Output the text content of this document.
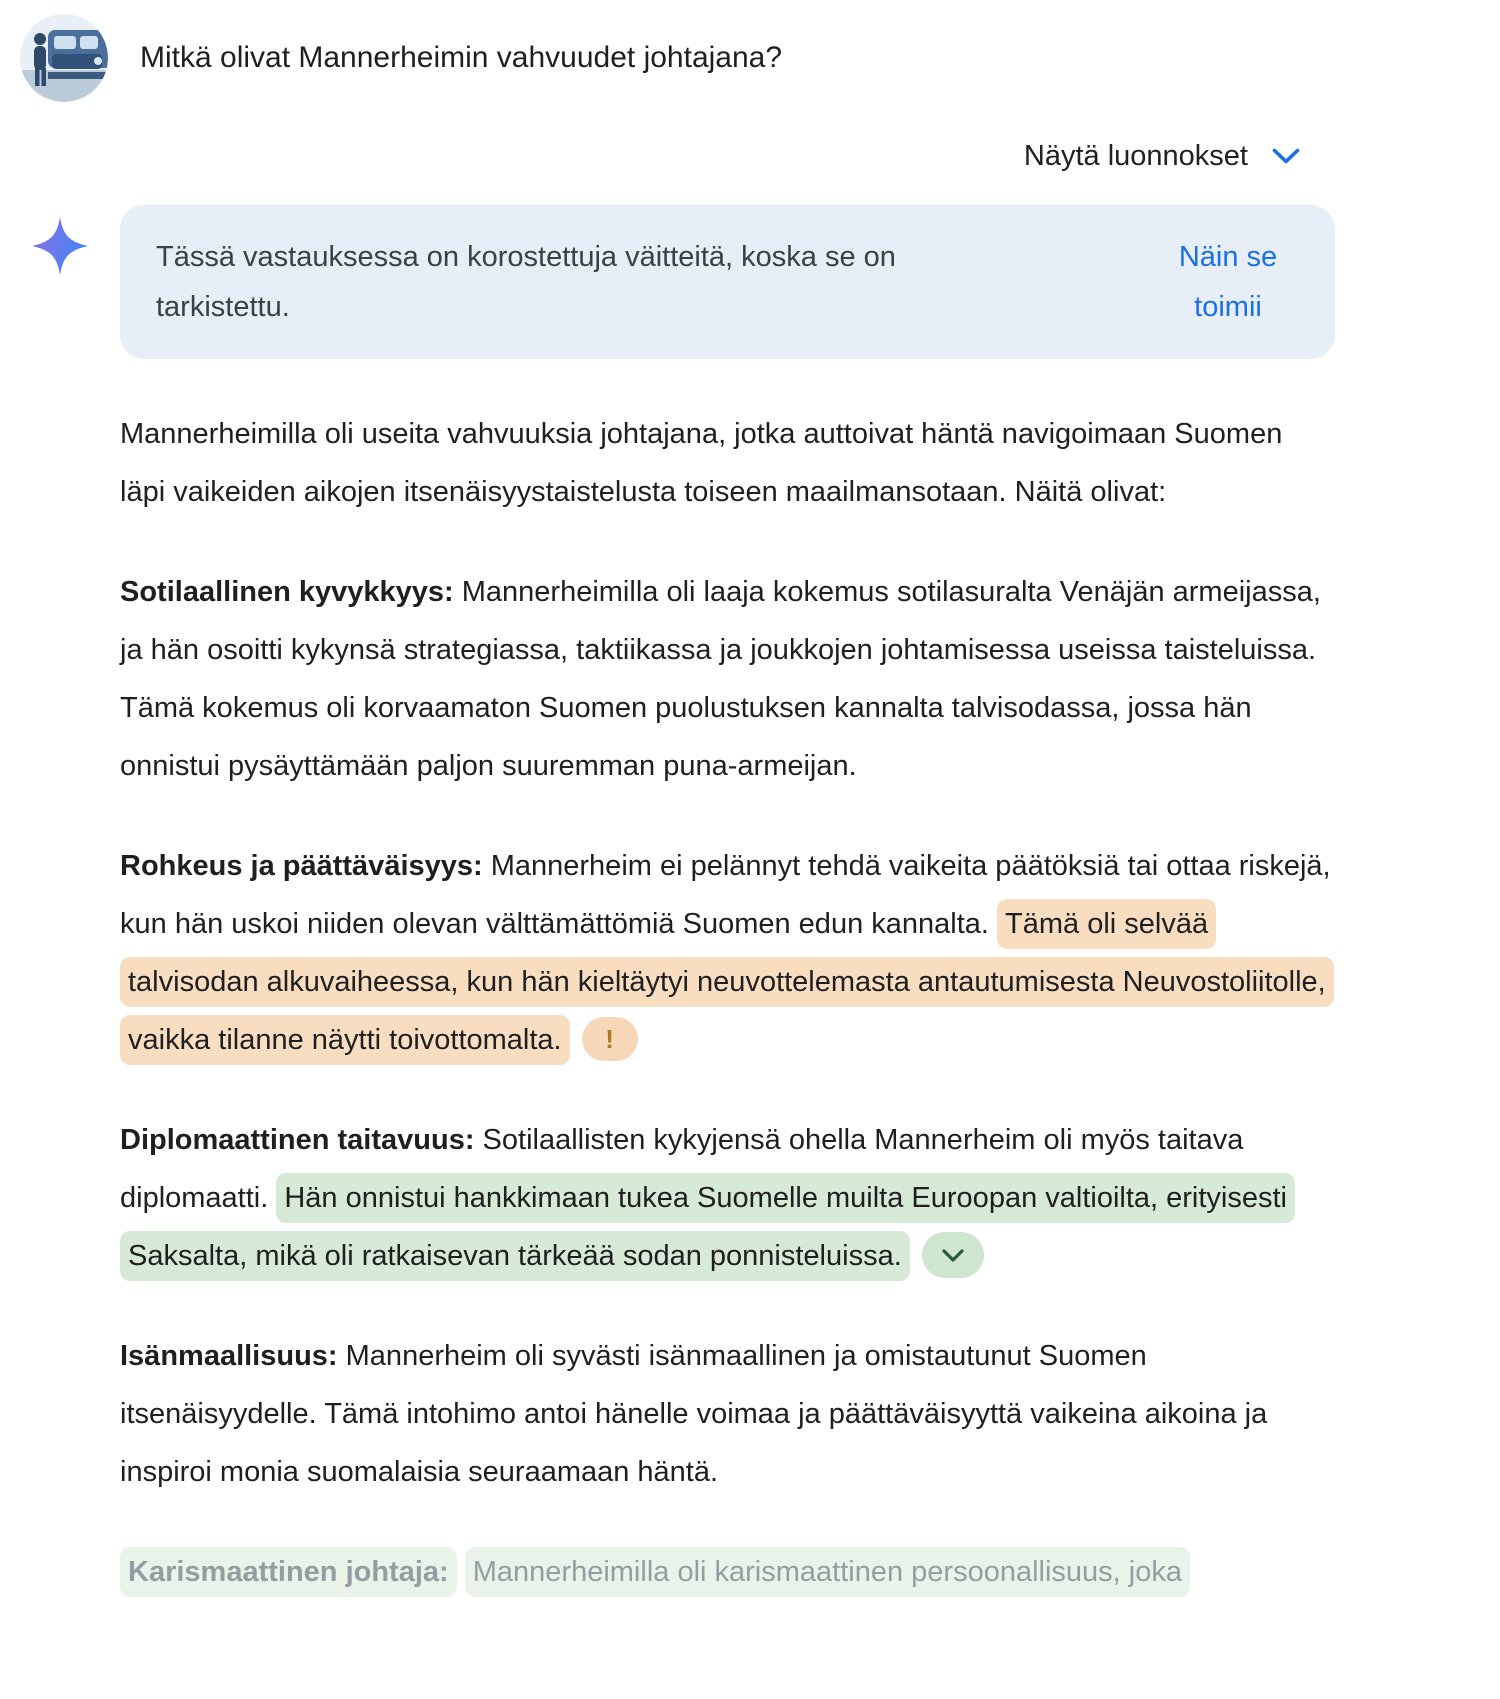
Mitkä olivat Mannerheimin vahvuudet johtajana?
Näytä luonnokset
Tässä vastauksessa on korostettuja väitteitä, koska se on tarkistettu.
Näin se toimii

Mannerheimilla oli useita vahvuuksia johtajana, jotka auttoivat häntä navigoimaan Suomen läpi vaikeiden aikojen itsenäisyystaistelusta toiseen maailmansotaan. Näitä olivat:

Sotilaallinen kyvykkyys: Mannerheimilla oli laaja kokemus sotilasuralta Venäjän armeijassa, ja hän osoitti kykynsä strategiassa, taktiikassa ja joukkojen johtamisessa useissa taisteluissa. Tämä kokemus oli korvaamaton Suomen puolustuksen kannalta talvisodassa, jossa hän onnistui pysäyttämään paljon suuremman puna-armeijan.

Rohkeus ja päättäväisyys: Mannerheim ei pelännyt tehdä vaikeita päätöksiä tai ottaa riskejä, kun hän uskoi niiden olevan välttämättömiä Suomen edun kannalta. Tämä oli selvää talvisodan alkuvaiheessa, kun hän kieltäytyi neuvottelemasta antautumisesta Neuvostoliitolle, vaikka tilanne näytti toivottomalta. !

Diplomaattinen taitavuus: Sotilaallisten kykyjensä ohella Mannerheim oli myös taitava diplomaatti. Hän onnistui hankkimaan tukea Suomelle muilta Euroopan valtioilta, erityisesti Saksalta, mikä oli ratkaisevan tärkeää sodan ponnisteluissa.

Isänmaallisuus: Mannerheim oli syvästi isänmaallinen ja omistautunut Suomen itsenäisyydelle. Tämä intohimo antoi hänelle voimaa ja päättäväisyyttä vaikeina aikoina ja inspiroi monia suomalaisia seuraamaan häntä.

Karismaattinen johtaja: Mannerheimilla oli karismaattinen persoonallisuus, joka
